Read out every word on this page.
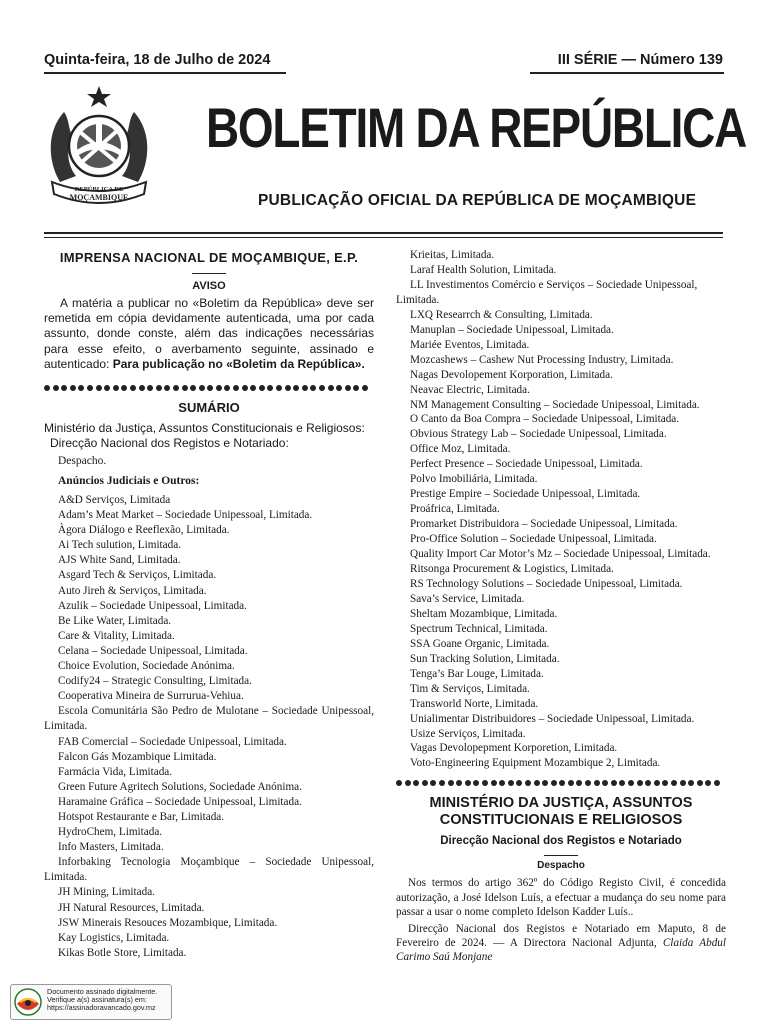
Quinta-feira, 18 de Julho de 2024	III SÉRIE — Número 139
REPÚBLICA DE
MOÇAMBIQUE
BOLETIM DA REPÚBLICA
PUBLICAÇÃO OFICIAL DA REPÚBLICA DE MOÇAMBIQUE
IMPRENSA NACIONAL DE MOÇAMBIQUE, E.P.
AVISO

A matéria a publicar no «Boletim da República» deve ser remetida em cópia devidamente autenticada, uma por cada assunto, donde conste, além das indicações necessárias para esse efeito, o averbamento seguinte, assinado e autenticado: Para publicação no «Boletim da República».

SUMÁRIO
Ministério da Justiça, Assuntos Constitucionais e Religiosos:
Direcção Nacional dos Registos e Notariado:
Despacho.
Anúncios Judiciais e Outros:
A&D Serviços, Limitada
Adam’s Meat Market – Sociedade Unipessoal, Limitada.
Àgora Diálogo e Reeflexão, Limitada.
Ai Tech sulution, Limitada.
AJS White Sand, Limitada.
Asgard Tech & Serviços, Limitada.
Auto Jireh & Serviços, Limitada.
Azulik – Sociedade Unipessoal, Limitada.
Be Like Water, Limitada.
Care & Vitality, Limitada.
Celana – Sociedade Unipessoal, Limitada.
Choice Evolution, Sociedade Anónima.
Codify24 – Strategic Consulting, Limitada.
Cooperativa Mineira de Surrurua-Vehiua.
Escola Comunitária São Pedro de Mulotane – Sociedade Unipessoal, Limitada.
FAB Comercial – Sociedade Unipessoal, Limitada.
Falcon Gás Mozambique Limitada.
Farmácia Vida, Limitada.
Green Future Agritech Solutions, Sociedade Anónima.
Haramaine Gráfica – Sociedade Unipessoal, Limitada.
Hotspot Restaurante e Bar, Limitada.
HydroChem, Limitada.
Info Masters, Limitada.
Inforbaking Tecnologia Moçambique – Sociedade Unipessoal, Limitada.
JH Mining, Limitada.
JH Natural Resources, Limitada.
JSW Minerais Resouces Mozambique, Limitada.
Kay Logistics, Limitada.
Kikas Botle Store, Limitada.
Krieitas, Limitada.
Laraf Health Solution, Limitada.
LL Investimentos Comércio e Serviços – Sociedade Unipessoal, Limitada.
LXQ Researrch & Consulting, Limitada.
Manuplan – Sociedade Unipessoal, Limitada.
Mariée Eventos, Limitada.
Mozcashews – Cashew Nut Processing Industry, Limitada.
Nagas Devolopement Korporation, Limitada.
Neavac Electric, Limitada.
NM Management Consulting – Sociedade Unipessoal, Limitada.
O Canto da Boa Compra – Sociedade Unipessoal, Limitada.
Obvious Strategy Lab – Sociedade Unipessoal, Limitada.
Office Moz, Limitada.
Perfect Presence – Sociedade Unipessoal, Limitada.
Polvo Imobiliária, Limitada.
Prestige Empire – Sociedade Unipessoal, Limitada.
Proáfrica, Limitada.
Promarket Distribuidora – Sociedade Unipessoal, Limitada.
Pro-Office Solution – Sociedade Unipessoal, Limitada.
Quality Import Car Motor’s Mz – Sociedade Unipessoal, Limitada.
Ritsonga Procurement & Logistics, Limitada.
RS Technology Solutions – Sociedade Unipessoal, Limitada.
Sava’s Service, Limitada.
Sheltam Mozambique, Limitada.
Spectrum Technical, Limitada.
SSA Goane Organic, Limitada.
Sun Tracking Solution, Limitada.
Tenga’s Bar Louge, Limitada.
Tim & Serviços, Limitada.
Transworld Norte, Limitada.
Unialimentar Distribuidores – Sociedade Unipessoal, Limitada.
Usize Serviços, Limitada.
Vagas Devolopepment Korporetion, Limitada.
Voto-Engineering Equipment Mozambique 2, Limitada.
MINISTÉRIO DA JUSTIÇA, ASSUNTOS CONSTITUCIONAIS E RELIGIOSOS
Direcção Nacional dos Registos e Notariado
Despacho

Nos termos do artigo 362º do Código Registo Civil, é concedida autorização, a José Idelson Luís, a efectuar a mudança do seu nome para passar a usar o nome completo Idelson Kadder Luís..

Direcção Nacional dos Registos e Notariado em Maputo, 8 de Fevereiro de 2024. — A Directora Nacional Adjunta, Claida Abdul Carimo Saú Monjane

Documento assinado digitalmente.
Verifique a(s) assinatura(s) em:
https://assinadoravancado.gov.mz
